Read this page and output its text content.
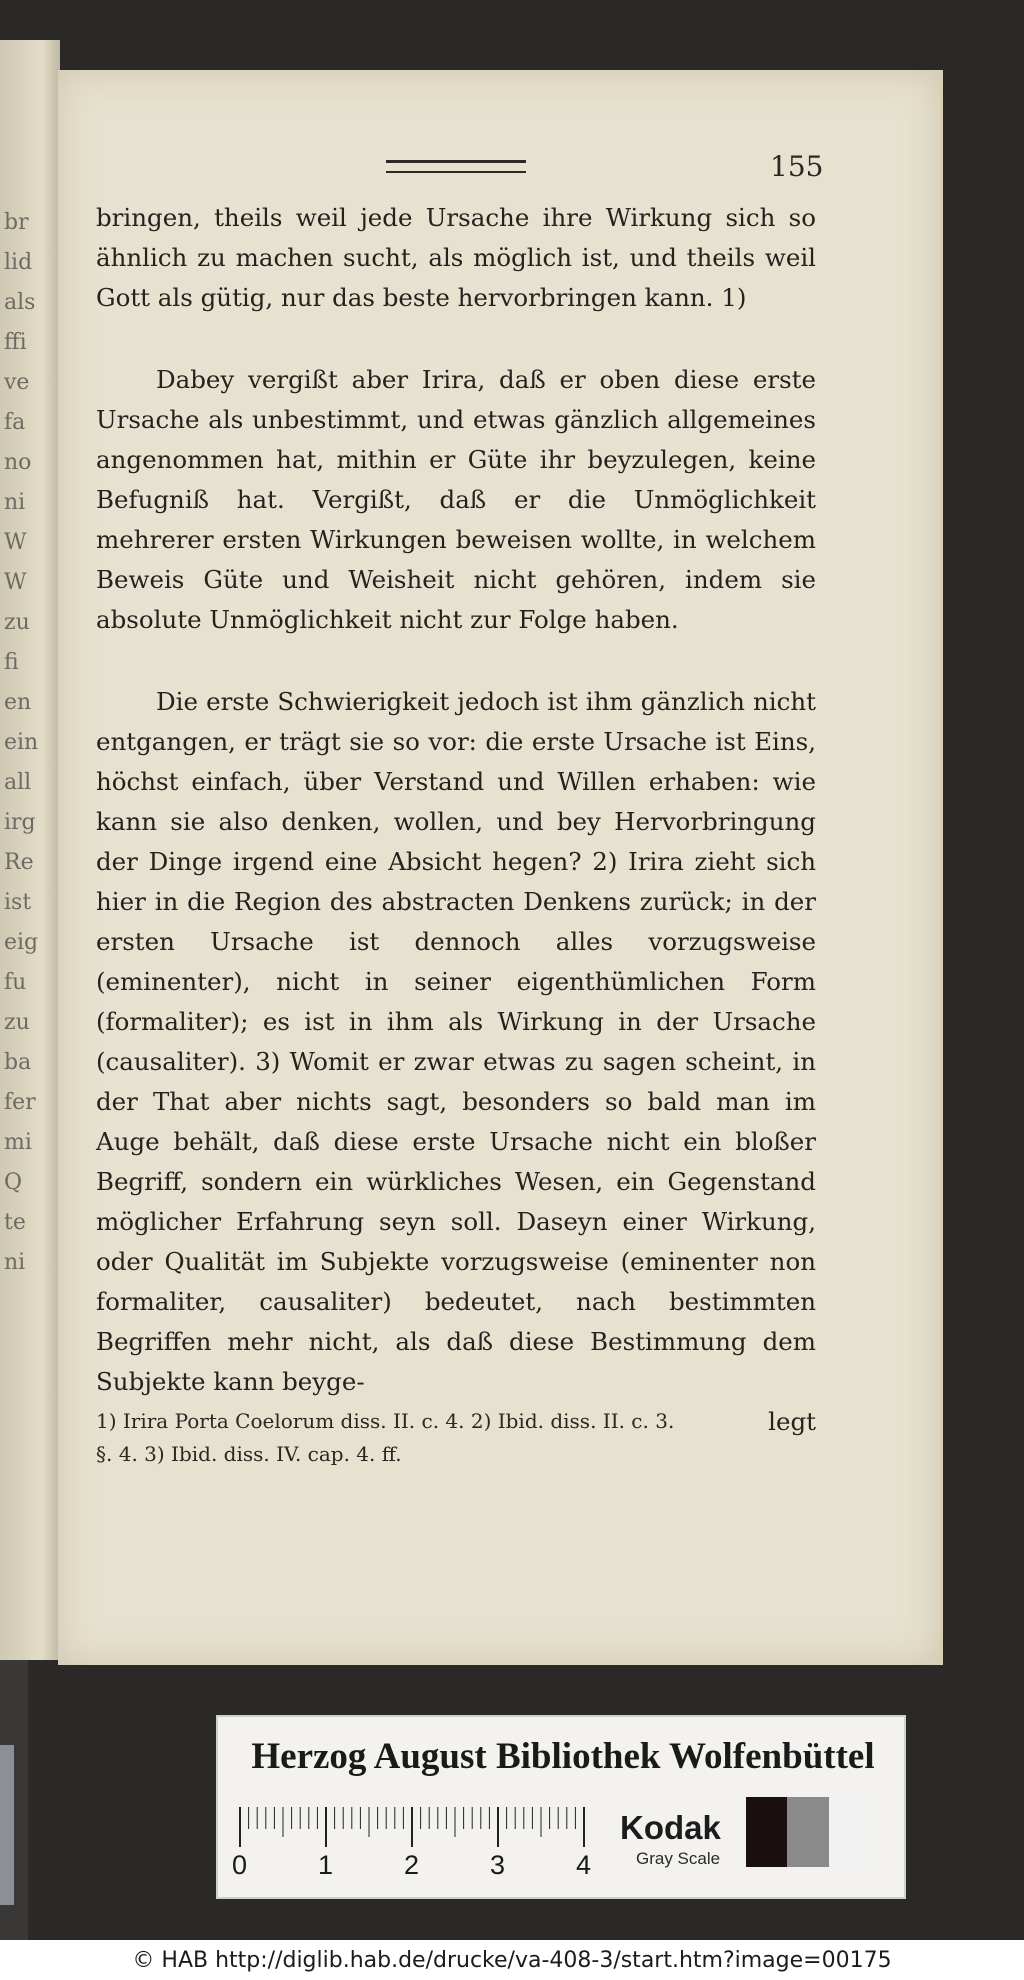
br
lid
als
ffi
ve
fa
no
ni
W
W
zu
fi
en
ein
all
irg
Re
ist
eig
fu
zu
ba
fer
mi
Q
te
ni
155

bringen, theils weil jede Ursache ihre Wirkung sich so ähnlich zu machen sucht, als möglich ist, und theils weil Gott als gütig, nur das beste hervorbringen kann. 1)

Dabey vergißt aber Irira, daß er oben diese erste Ursache als unbestimmt, und etwas gänzlich allgemeines angenommen hat, mithin er Güte ihr beyzulegen, keine Befugniß hat. Vergißt, daß er die Unmöglichkeit mehrerer ersten Wirkungen beweisen wollte, in welchem Beweis Güte und Weisheit nicht gehören, indem sie absolute Unmöglichkeit nicht zur Folge haben.

Die erste Schwierigkeit jedoch ist ihm gänzlich nicht entgangen, er trägt sie so vor: die erste Ursache ist Eins, höchst einfach, über Verstand und Willen erhaben: wie kann sie also denken, wollen, und bey Hervorbringung der Dinge irgend eine Absicht hegen? 2) Irira zieht sich hier in die Region des abstracten Denkens zurück; in der ersten Ursache ist dennoch alles vorzugsweise (eminenter), nicht in seiner eigenthümlichen Form (formaliter); es ist in ihm als Wirkung in der Ursache (causaliter). 3) Womit er zwar etwas zu sagen scheint, in der That aber nichts sagt, besonders so bald man im Auge behält, daß diese erste Ursache nicht ein bloßer Begriff, sondern ein würkliches Wesen, ein Gegenstand möglicher Erfahrung seyn soll. Daseyn einer Wirkung, oder Qualität im Subjekte vorzugsweise (eminenter non formaliter, causaliter) bedeutet, nach bestimmten Begriffen mehr nicht, als daß diese Bestimmung dem Subjekte kann beyge-

legt
1) Irira Porta Coelorum diss. II. c. 4. 2) Ibid. diss. II. c. 3.
§. 4. 3) Ibid. diss. IV. cap. 4. ff.
Herzog August Bibliothek Wolfenbüttel
0	1	2	3	4
Kodak
Gray Scale
© HAB http://diglib.hab.de/drucke/va-408-3/start.htm?image=00175
